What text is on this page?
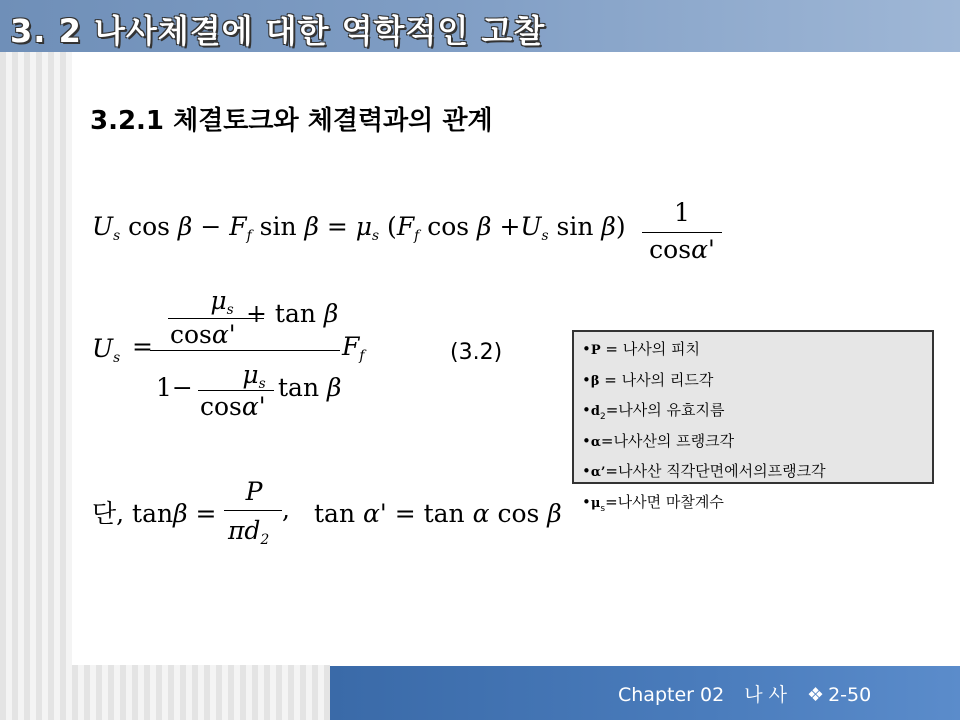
3. 2 나사체결에 대한 역학적인 고찰
3.2.1 체결토크와 체결력과의 관계
$U_s$ $\cos \beta - F_f$ $\sin \beta = \mu_s$ ($F_f$ $\cos \beta +U_s$ sin β)	1
cosα'
$\mu_s$
cosα'
+ tan β
$U_s$ =	$F_f$
1−	$\mu_s$
cosα'
tan β
(3.2)	•P = 나사의 피치
•β = 나사의 리드각
$•d_2=$나사의 유효지름
•α=나사산의 프랭크각
•α’=나사산 직각단면에서의프랭크각
$•\mu_s=$나사면 마찰계수
단, tanβ =
P
$\pi d_2$
, tan α' = tan α cos β
Chapter 02 나 사 ❖ 2-50
